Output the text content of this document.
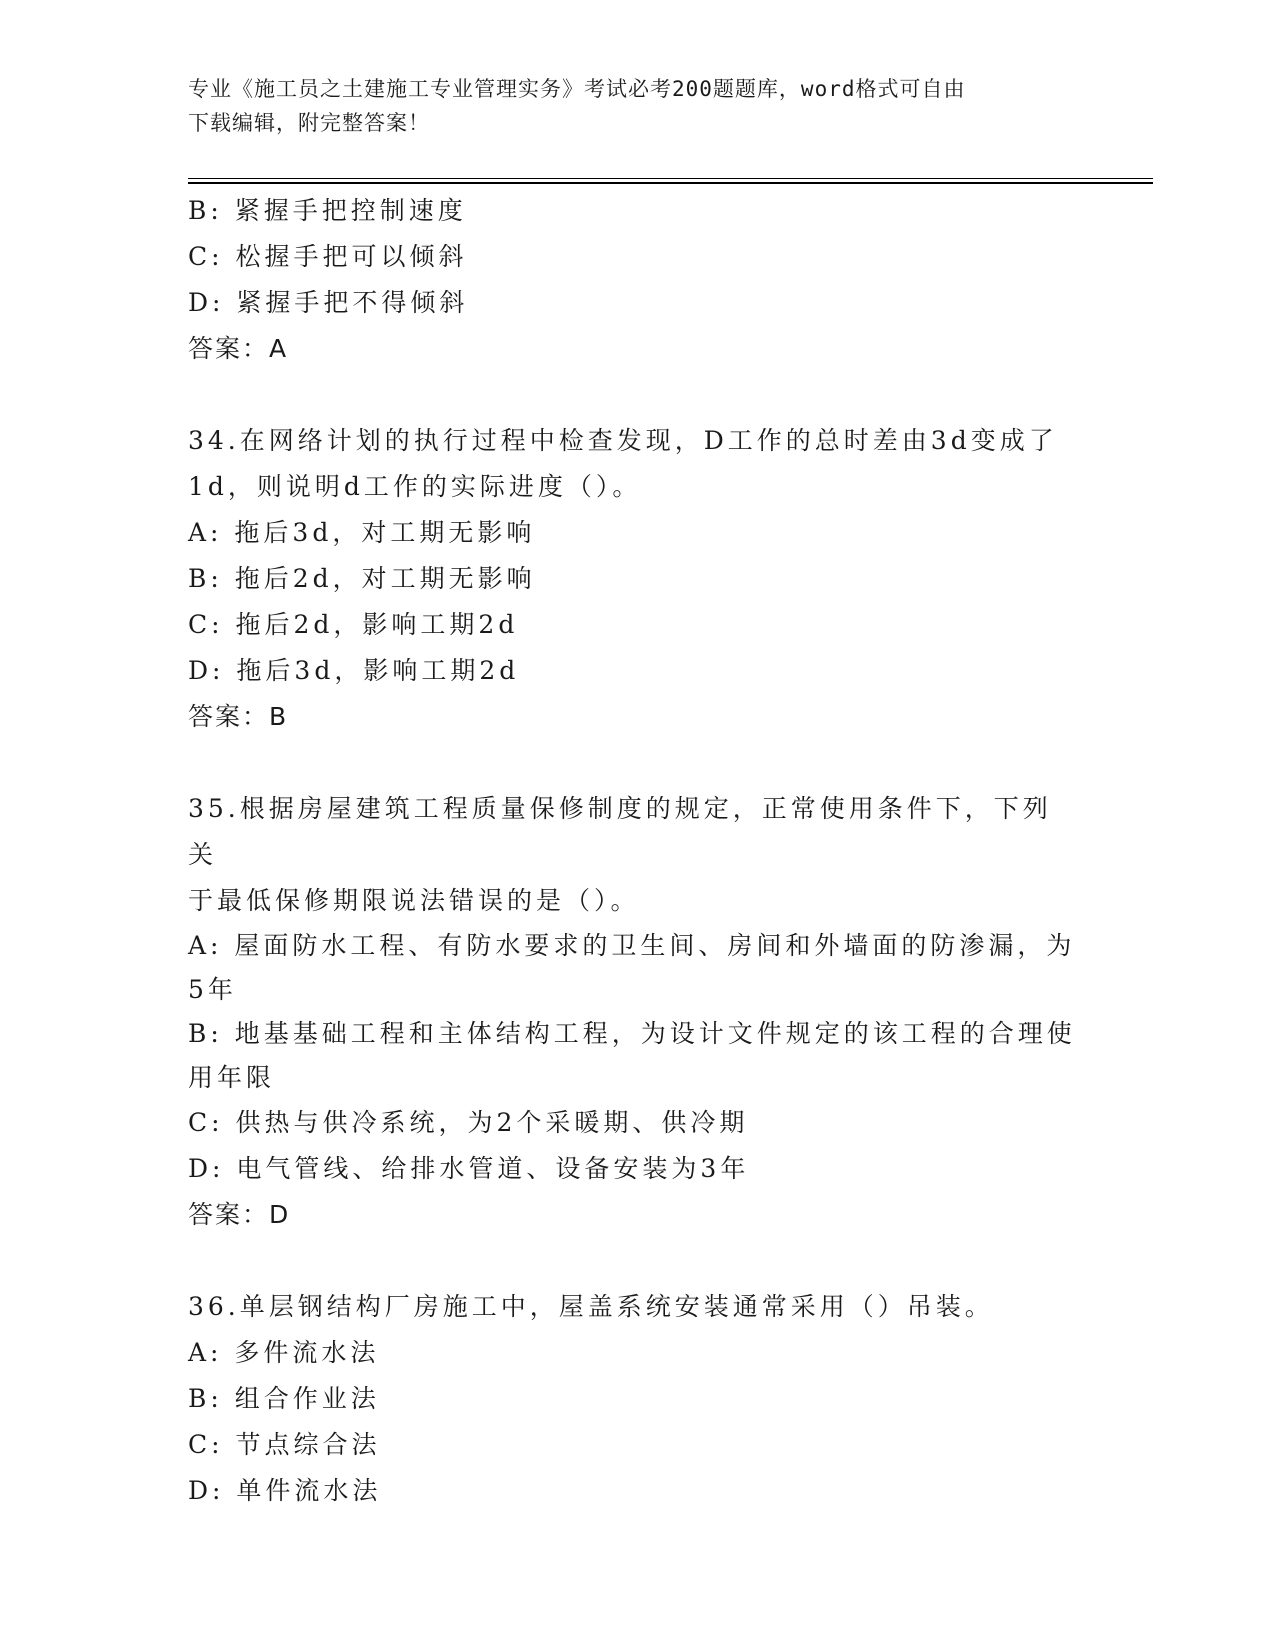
专业《施工员之土建施工专业管理实务》考试必考200题题库，word格式可自由
下载编辑，附完整答案！
B: 紧握手把控制速度
C: 松握手把可以倾斜
D: 紧握手把不得倾斜
答案：A
34.在网络计划的执行过程中检查发现，D工作的总时差由3d变成了
1d，则说明d工作的实际进度（）。
A: 拖后3d，对工期无影响
B: 拖后2d，对工期无影响
C: 拖后2d，影响工期2d
D: 拖后3d，影响工期2d
答案：B
35.根据房屋建筑工程质量保修制度的规定，正常使用条件下，下列关
于最低保修期限说法错误的是（）。
A: 屋面防水工程、有防水要求的卫生间、房间和外墙面的防渗漏，为
5年
B: 地基基础工程和主体结构工程，为设计文件规定的该工程的合理使
用年限
C: 供热与供冷系统，为2个采暖期、供冷期
D: 电气管线、给排水管道、设备安装为3年
答案：D
36.单层钢结构厂房施工中，屋盖系统安装通常采用（）吊装。
A: 多件流水法
B: 组合作业法
C: 节点综合法
D: 单件流水法
